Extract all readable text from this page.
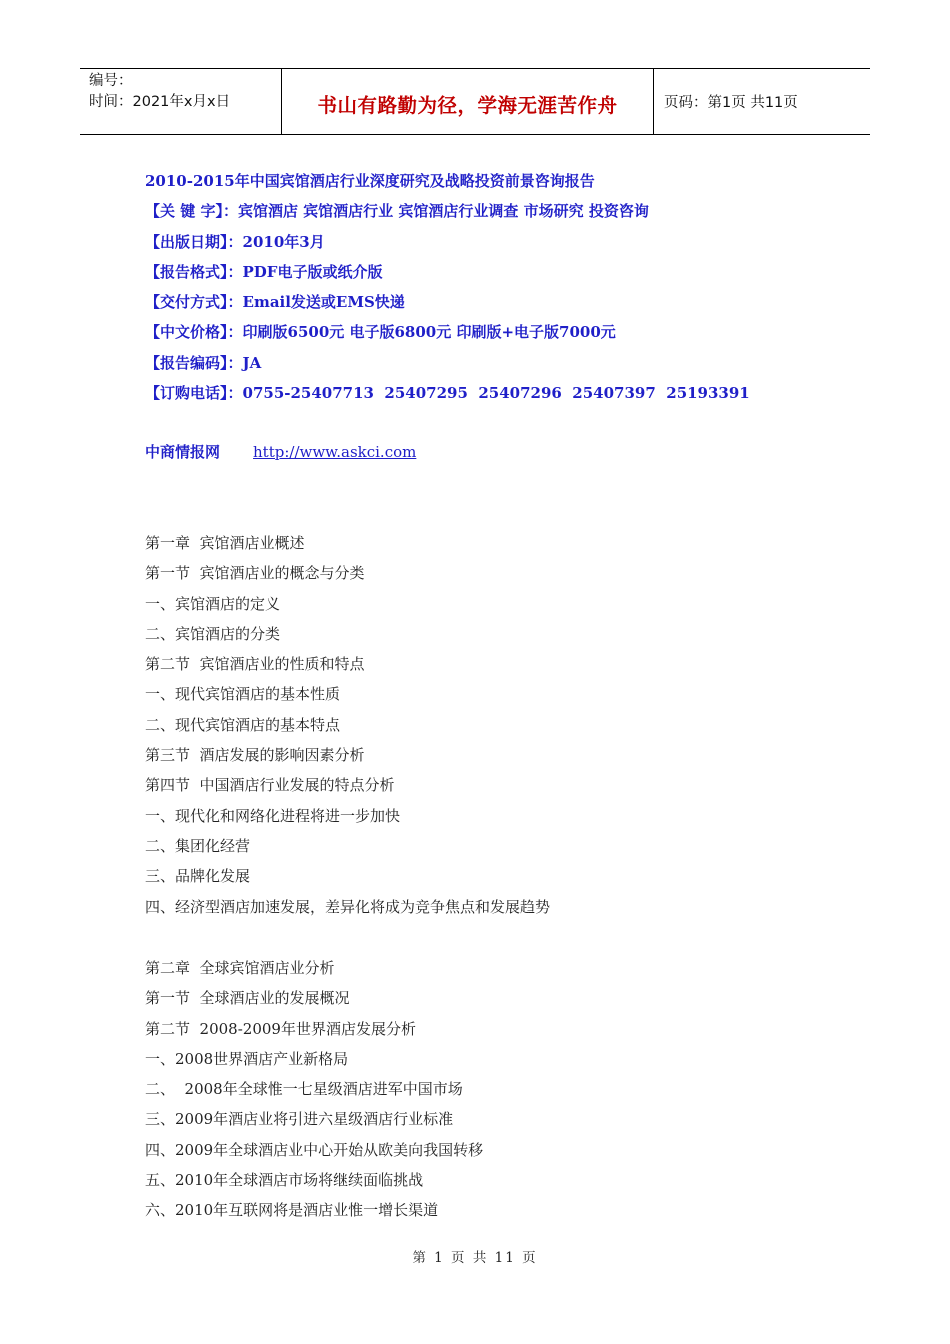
编号：
时间：2021年x月x日	书山有路勤为径，学海无涯苦作舟	页码：第1页 共11页
2010-2015年中国宾馆酒店行业深度研究及战略投资前景咨询报告
【关 键 字】：宾馆酒店 宾馆酒店行业 宾馆酒店行业调查 市场研究 投资咨询
【出版日期】：2010年3月
【报告格式】：PDF电子版或纸介版
【交付方式】：Email发送或EMS快递
【中文价格】：印刷版6500元 电子版6800元 印刷版+电子版7000元
【报告编码】：JA
【订购电话】：0755-25407713  25407295  25407296  25407397  25193391
中商情报网 http://www.askci.com
第一章  宾馆酒店业概述
第一节  宾馆酒店业的概念与分类
一、宾馆酒店的定义
二、宾馆酒店的分类
第二节  宾馆酒店业的性质和特点
一、现代宾馆酒店的基本性质
二、现代宾馆酒店的基本特点
第三节  酒店发展的影响因素分析
第四节  中国酒店行业发展的特点分析
一、现代化和网络化进程将进一步加快
二、集团化经营
三、品牌化发展
四、经济型酒店加速发展，差异化将成为竞争焦点和发展趋势
第二章  全球宾馆酒店业分析
第一节  全球酒店业的发展概况
第二节  2008-2009年世界酒店发展分析
一、2008世界酒店产业新格局
二、  2008年全球惟一七星级酒店进军中国市场
三、2009年酒店业将引进六星级酒店行业标准
四、2009年全球酒店业中心开始从欧美向我国转移
五、2010年全球酒店市场将继续面临挑战
六、2010年互联网将是酒店业惟一增长渠道
第 1 页 共 11 页
